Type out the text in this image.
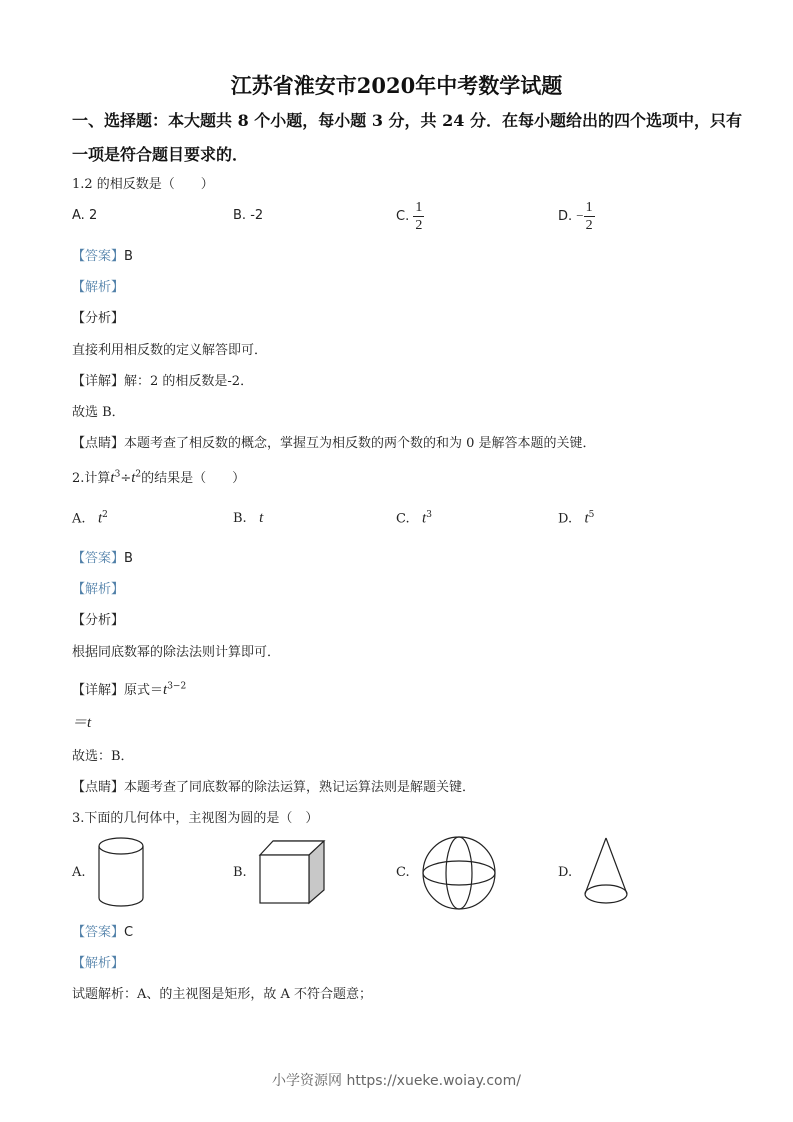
江苏省淮安市2020年中考数学试题
一、选择题：本大题共 8 个小题，每小题 3 分，共 24 分．在每小题给出的四个选项中，只有
一项是符合题目要求的．
1.2 的相反数是（　　）
A. 2	B. -2	C. $\frac{1}{2}$	D. − $\frac{1}{2}$
【答案】B
【解析】
【分析】
直接利用相反数的定义解答即可．
【详解】解：2 的相反数是-2．
故选 B．
【点睛】本题考查了相反数的概念，掌握互为相反数的两个数的和为 0 是解答本题的关键．
2.计算$t^3\div t^2$的结果是（　　）
A. $t^2$	B. t	C. $t^3$	D. $t^5$
【答案】B
【解析】
【分析】
根据同底数幂的除法法则计算即可．
【详解】原式$=t^{3-2}$
＝t
故选：B．
【点睛】本题考查了同底数幂的除法运算，熟记运算法则是解题关键．
3.下面的几何体中，主视图为圆的是（　）
A.	B.	C.	D.
【答案】C
【解析】
试题解析：A、的主视图是矩形，故 A 不符合题意；
小学资源网 https://xueke.woiay.com/
